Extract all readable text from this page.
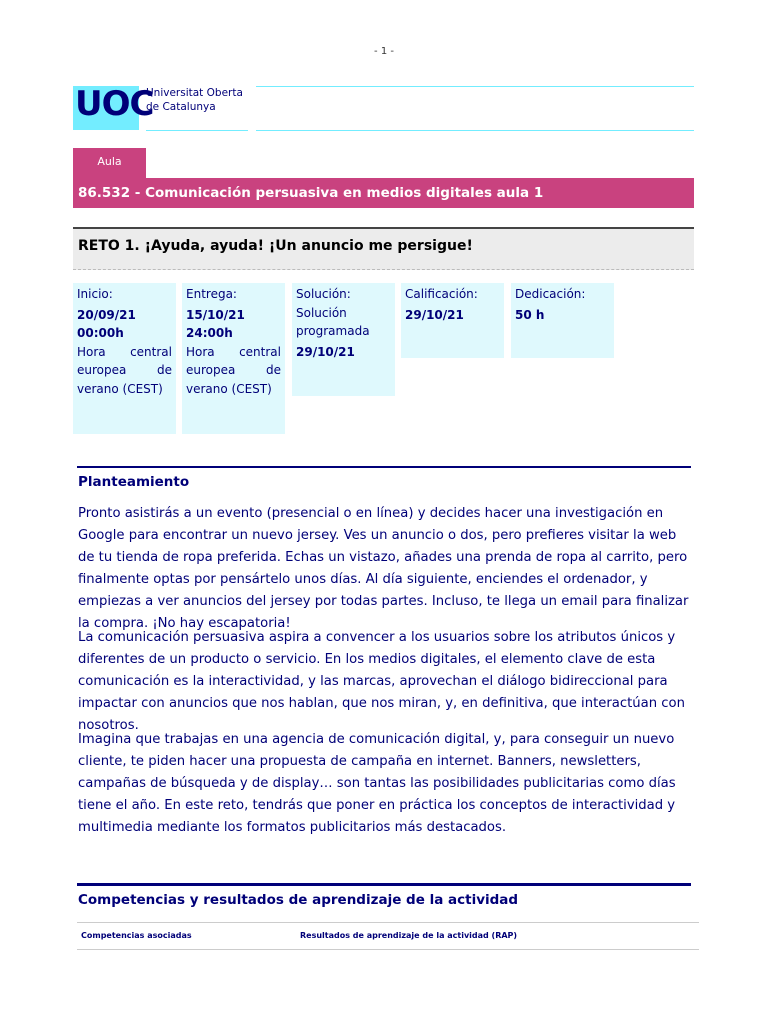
- 1 -
UOC
Universitat Oberta
de Catalunya
Aula
86.532 - Comunicación persuasiva en medios digitales aula 1
RETO 1. ¡Ayuda, ayuda! ¡Un anuncio me persigue!
Inicio:
20/09/21
00:00h
Hora central europea de verano (CEST)
Entrega:
15/10/21
24:00h
Hora central europea de verano (CEST)
Solución:
Solución programada
29/10/21
Calificación:
29/10/21
Dedicación:
50 h
Planteamiento

Pronto asistirás a un evento (presencial o en línea) y decides hacer una investigación en Google para encontrar un nuevo jersey. Ves un anuncio o dos, pero prefieres visitar la web de tu tienda de ropa preferida. Echas un vistazo, añades una prenda de ropa al carrito, pero finalmente optas por pensártelo unos días. Al día siguiente, enciendes el ordenador, y empiezas a ver anuncios del jersey por todas partes. Incluso, te llega un email para finalizar la compra. ¡No hay escapatoria!

La comunicación persuasiva aspira a convencer a los usuarios sobre los atributos únicos y diferentes de un producto o servicio. En los medios digitales, el elemento clave de esta comunicación es la interactividad, y las marcas, aprovechan el diálogo bidireccional para impactar con anuncios que nos hablan, que nos miran, y, en definitiva, que interactúan con nosotros.

Imagina que trabajas en una agencia de comunicación digital, y, para conseguir un nuevo cliente, te piden hacer una propuesta de campaña en internet. Banners, newsletters, campañas de búsqueda y de display… son tantas las posibilidades publicitarias como días tiene el año. En este reto, tendrás que poner en práctica los conceptos de interactividad y multimedia mediante los formatos publicitarios más destacados.

Competencias y resultados de aprendizaje de la actividad
Competencias asociadas	Resultados de aprendizaje de la actividad (RAP)
